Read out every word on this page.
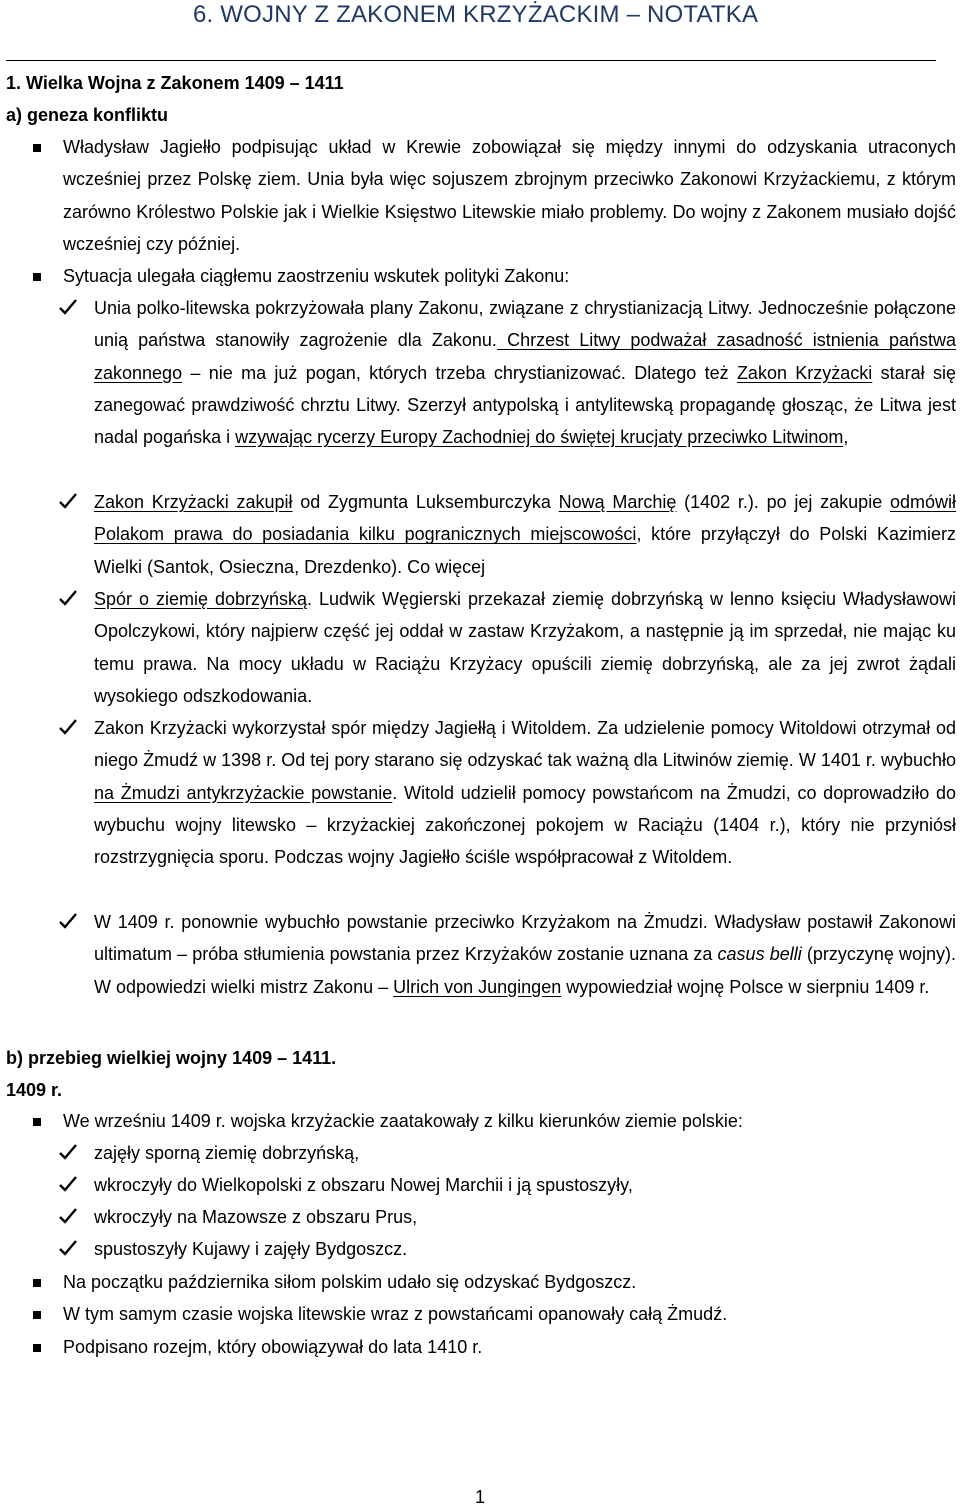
6. WOJNY Z ZAKONEM KRZYŻACKIM – NOTATKA
1. Wielka Wojna z Zakonem 1409 – 1411
a) geneza konfliktu
Władysław Jagiełło podpisując układ w Krewie zobowiązał się między innymi do odzyskania utraconych wcześniej przez Polskę ziem. Unia była więc sojuszem zbrojnym przeciwko Zakonowi Krzyżackiemu, z którym zarówno Królestwo Polskie jak i Wielkie Księstwo Litewskie miało problemy. Do wojny z Zakonem musiało dojść wcześniej czy później.
Sytuacja ulegała ciągłemu zaostrzeniu wskutek polityki Zakonu:
Unia polko-litewska pokrzyżowała plany Zakonu, związane z chrystianizacją Litwy. Jednocześnie połączone unią państwa stanowiły zagrożenie dla Zakonu. Chrzest Litwy podważał zasadność istnienia państwa zakonnego – nie ma już pogan, których trzeba chrystianizować. Dlatego też Zakon Krzyżacki starał się zanegować prawdziwość chrztu Litwy. Szerzył antypolską i antylitewską propagandę głosząc, że Litwa jest nadal pogańska i wzywając rycerzy Europy Zachodniej do świętej krucjaty przeciwko Litwinom,
Zakon Krzyżacki zakupił od Zygmunta Luksemburczyka Nową Marchię (1402 r.). po jej zakupie odmówił Polakom prawa do posiadania kilku pogranicznych miejscowości, które przyłączył do Polski Kazimierz Wielki (Santok, Osieczna, Drezdenko). Co więcej
Spór o ziemię dobrzyńską. Ludwik Węgierski przekazał ziemię dobrzyńską w lenno księciu Władysławowi Opolczykowi, który najpierw część jej oddał w zastaw Krzyżakom, a następnie ją im sprzedał, nie mając ku temu prawa. Na mocy układu w Raciążu Krzyżacy opuścili ziemię dobrzyńską, ale za jej zwrot żądali wysokiego odszkodowania.
Zakon Krzyżacki wykorzystał spór między Jagiełłą i Witoldem. Za udzielenie pomocy Witoldowi otrzymał od niego Żmudź w 1398 r. Od tej pory starano się odzyskać tak ważną dla Litwinów ziemię. W 1401 r. wybuchło na Żmudzi antykrzyżackie powstanie. Witold udzielił pomocy powstańcom na Żmudzi, co doprowadziło do wybuchu wojny litewsko – krzyżackiej zakończonej pokojem w Raciążu (1404 r.), który nie przyniósł rozstrzygnięcia sporu. Podczas wojny Jagiełło ściśle współpracował z Witoldem.
W 1409 r. ponownie wybuchło powstanie przeciwko Krzyżakom na Żmudzi. Władysław postawił Zakonowi ultimatum – próba stłumienia powstania przez Krzyżaków zostanie uznana za casus belli (przyczynę wojny). W odpowiedzi wielki mistrz Zakonu – Ulrich von Jungingen wypowiedział wojnę Polsce w sierpniu 1409 r.
b) przebieg wielkiej wojny 1409 – 1411.
1409 r.
We wrześniu 1409 r. wojska krzyżackie zaatakowały z kilku kierunków ziemie polskie:
zajęły sporną ziemię dobrzyńską,
wkroczyły do Wielkopolski z obszaru Nowej Marchii i ją spustoszyły,
wkroczyły na Mazowsze z obszaru Prus,
spustoszyły Kujawy i zajęły Bydgoszcz.
Na początku października siłom polskim udało się odzyskać Bydgoszcz.
W tym samym czasie wojska litewskie wraz z powstańcami opanowały całą Żmudź.
Podpisano rozejm, który obowiązywał do lata 1410 r.
1
